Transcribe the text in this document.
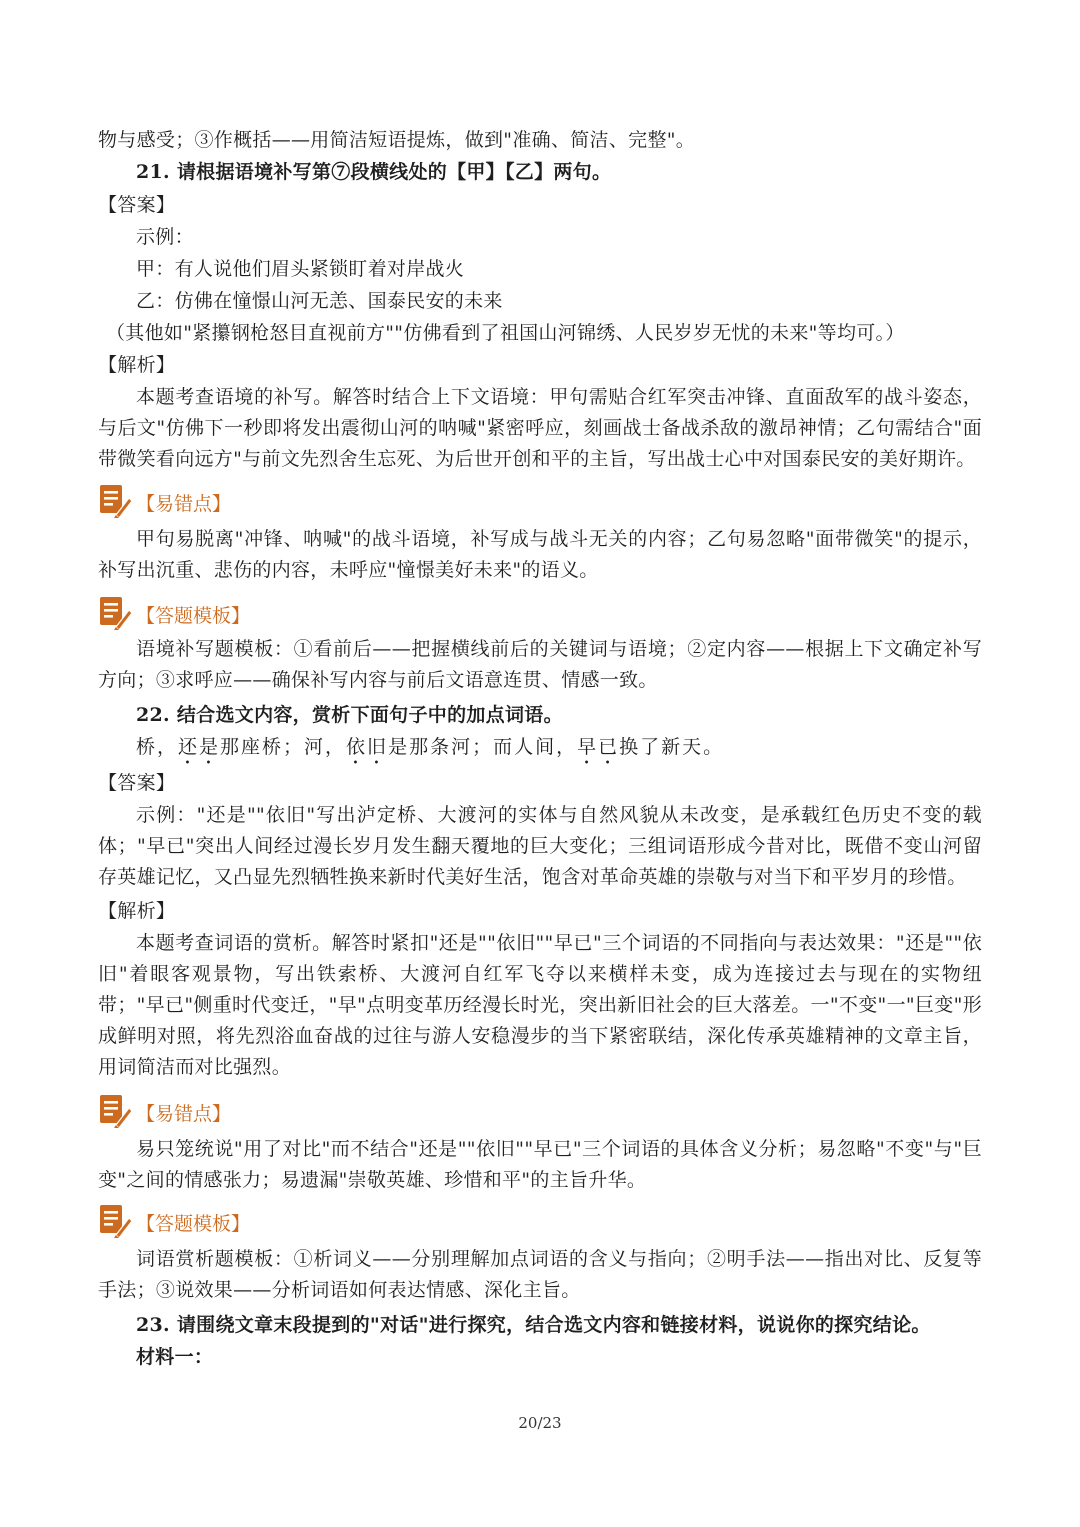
物与感受；③作概括——用简洁短语提炼，做到"准确、简洁、完整"。

21. 请根据语境补写第⑦段横线处的【甲】【乙】两句。

【答案】

示例：

甲：有人说他们眉头紧锁盯着对岸战火

乙：仿佛在憧憬山河无恙、国泰民安的未来

（其他如"紧攥钢枪怒目直视前方""仿佛看到了祖国山河锦绣、人民岁岁无忧的未来"等均可。）

【解析】

本题考查语境的补写。解答时结合上下文语境：甲句需贴合红军突击冲锋、直面敌军的战斗姿态，与后文"仿佛下一秒即将发出震彻山河的呐喊"紧密呼应，刻画战士备战杀敌的激昂神情；乙句需结合"面带微笑看向远方"与前文先烈舍生忘死、为后世开创和平的主旨，写出战士心中对国泰民安的美好期许。

【易错点】

甲句易脱离"冲锋、呐喊"的战斗语境，补写成与战斗无关的内容；乙句易忽略"面带微笑"的提示，补写出沉重、悲伤的内容，未呼应"憧憬美好未来"的语义。

【答题模板】

语境补写题模板：①看前后——把握横线前后的关键词与语境；②定内容——根据上下文确定补写方向；③求呼应——确保补写内容与前后文语意连贯、情感一致。

22. 结合选文内容，赏析下面句子中的加点词语。

桥，还是那座桥；河，依旧是那条河；而人间，早已换了新天。

【答案】

示例："还是""依旧"写出泸定桥、大渡河的实体与自然风貌从未改变，是承载红色历史不变的载体；"早已"突出人间经过漫长岁月发生翻天覆地的巨大变化；三组词语形成今昔对比，既借不变山河留存英雄记忆，又凸显先烈牺牲换来新时代美好生活，饱含对革命英雄的崇敬与对当下和平岁月的珍惜。

【解析】

本题考查词语的赏析。解答时紧扣"还是""依旧""早已"三个词语的不同指向与表达效果："还是""依旧"着眼客观景物，写出铁索桥、大渡河自红军飞夺以来横样未变，成为连接过去与现在的实物纽带；"早已"侧重时代变迁，"早"点明变革历经漫长时光，突出新旧社会的巨大落差。一"不变"一"巨变"形成鲜明对照，将先烈浴血奋战的过往与游人安稳漫步的当下紧密联结，深化传承英雄精神的文章主旨，用词简洁而对比强烈。

【易错点】

易只笼统说"用了对比"而不结合"还是""依旧""早已"三个词语的具体含义分析；易忽略"不变"与"巨变"之间的情感张力；易遗漏"崇敬英雄、珍惜和平"的主旨升华。

【答题模板】

词语赏析题模板：①析词义——分别理解加点词语的含义与指向；②明手法——指出对比、反复等手法；③说效果——分析词语如何表达情感、深化主旨。

23. 请围绕文章末段提到的"对话"进行探究，结合选文内容和链接材料，说说你的探究结论。

材料一：

20/23
